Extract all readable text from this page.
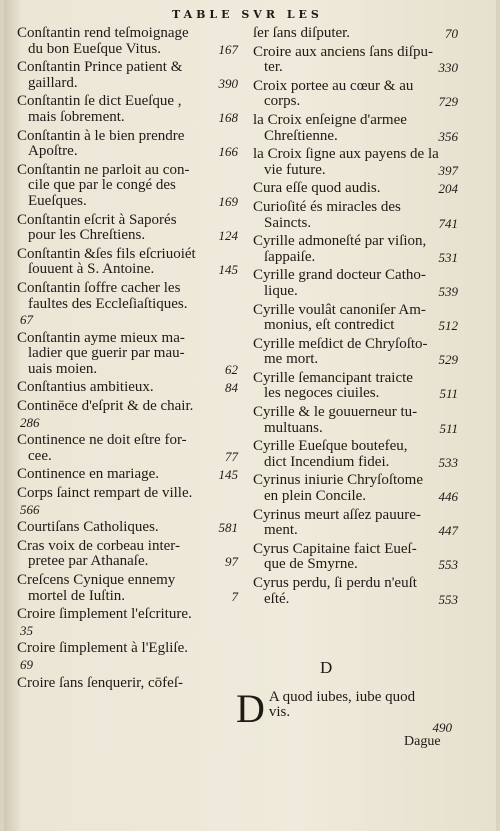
TABLE SVR LES
Conſtantin rend teſmoignage
du bon Eueſque Vitus.	167
Conſtantin Prince patient &
gaillard.	390
Conſtantin ſe dict Eueſque ,
mais ſobrement.	168
Conſtantin à le bien prendre
Apoſtre.	166
Conſtantin ne parloit au con-
cile que par le congé des
Eueſques.	169
Conſtantin eſcrit à Saporés
pour les Chreſtiens.	124
Conſtantin &ſes fils eſcriuoiét
ſouuent à S. Antoine.	145
Conſtantin ſoffre cacher les
faultes des Eccleſiaſtiques.
67
Conſtantin ayme mieux ma-
ladier que guerir par mau-
uais moien.	62
Conſtantius ambitieux.	84
Continēce d'eſprit & de chair.
286
Continence ne doit eſtre for-
cee.	77
Continence en mariage.	145
Corps ſainct rempart de ville.
566
Courtiſans Catholiques.	581
Cras voix de corbeau inter-
pretee par Athanaſe.	97
Creſcens Cynique ennemy
mortel de Iuſtin.	7
Croire ſimplement l'eſcriture.
35
Croire ſimplement à l'Egliſe.
69
Croire ſans ſenquerir, cōfeſ-
ſer ſans diſputer.	70
Croire aux anciens ſans diſpu-
ter.	330
Croix portee au cœur & au
corps.	729
la Croix enſeigne d'armee
Chreſtienne.	356
la Croix ſigne aux payens de la
vie future.	397
Cura eſſe quod audis.	204
Curioſité és miracles des
Saincts.	741
Cyrille admoneſté par viſion,
ſappaiſe.	531
Cyrille grand docteur Catho-
lique.	539
Cyrille voulât canoniſer Am-
monius, eſt contredict	512
Cyrille meſdict de Chryſoſto-
me mort.	529
Cyrille ſemancipant traicte
les negoces ciuiles.	511
Cyrille & le gouuerneur tu-
multuans.	511
Cyrille Eueſque boutefeu,
dict Incendium fidei.	533
Cyrinus iniurie Chryſoſtome
en plein Concile.	446
Cyrinus meurt aſſez pauure-
ment.	447
Cyrus Capitaine faict Eueſ-
que de Smyrne.	553
Cyrus perdu, ſi perdu n'euſt
eſté.	553
D
D A quod iubes, iube quod
vis.
490
Dague
